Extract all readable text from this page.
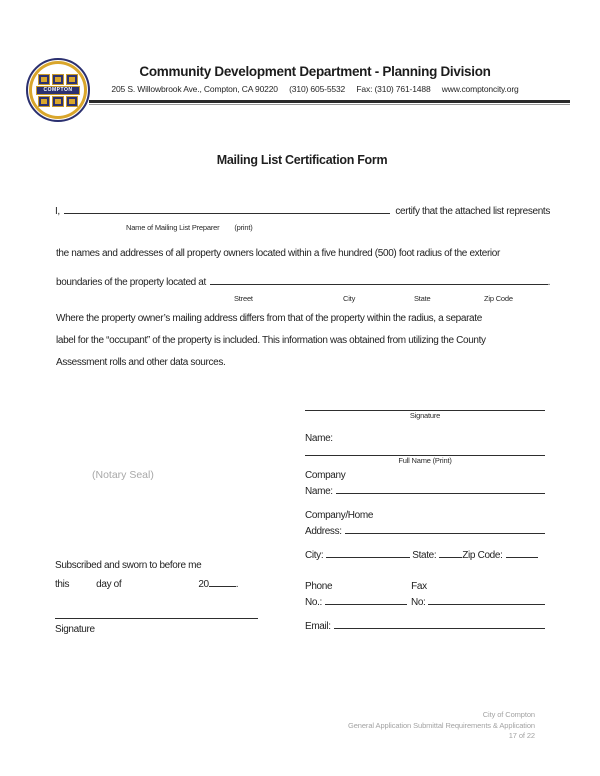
COMPTON
Community Development Department - Planning Division
205 S. Willowbrook Ave., Compton, CA 90220 (310) 605-5532 Fax: (310) 761-1488 www.comptoncity.org
Mailing List Certification Form
I,	certify that the attached list represents
Name of Mailing List Preparer (print)
the names and addresses of all property owners located within a five hundred (500) foot radius of the exterior
boundaries of the property located at	.
Street	City	State	Zip Code
Where the property owner’s mailing address differs from that of the property within the radius, a separate
label for the “occupant” of the property is included. This information was obtained from utilizing the County
Assessment rolls and other data sources.
(Notary Seal)
Subscribed and sworn to before me
this	day of	20	.
Signature
Signature
Name:
Full Name (Print)
Company
Name:
Company/Home
Address:
City:	State:	Zip Code:
Phone	Fax
No.:	No:
Email:
City of Compton
General Application Submittal Requirements & Application
17 of 22
